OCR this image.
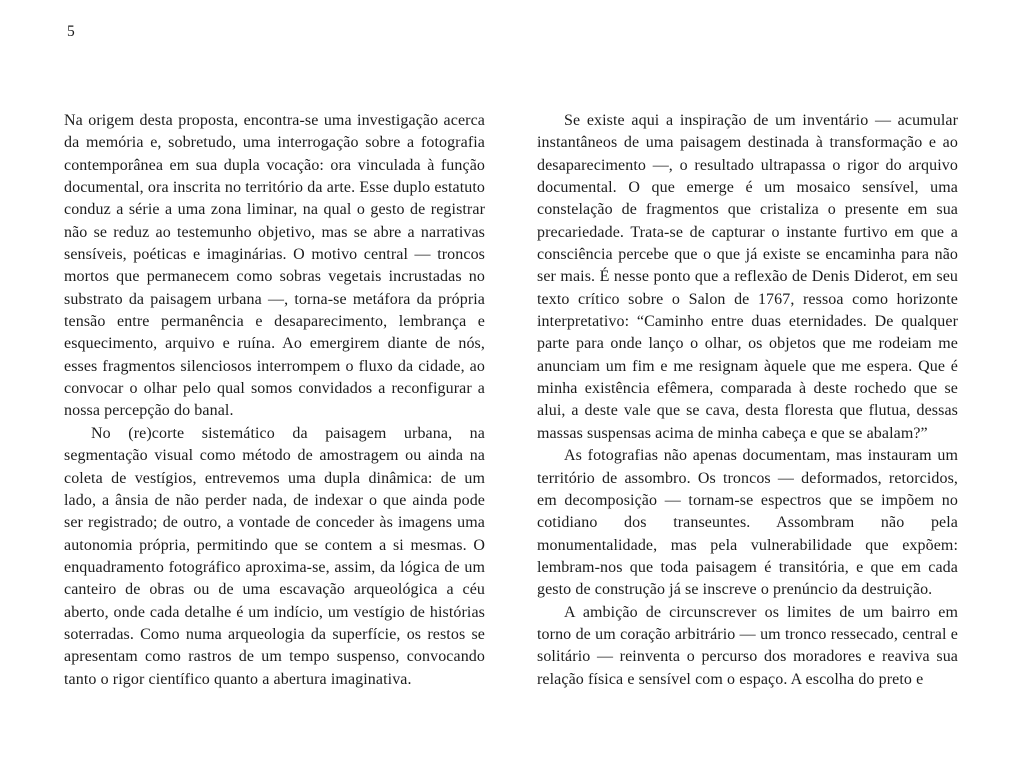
5

Na origem desta proposta, encontra-se uma investigação acerca da memória e, sobretudo, uma interrogação sobre a fotografia contemporânea em sua dupla vocação: ora vinculada à função documental, ora inscrita no território da arte. Esse duplo estatuto conduz a série a uma zona liminar, na qual o gesto de registrar não se reduz ao testemunho objetivo, mas se abre a narrativas sensíveis, poéticas e imaginárias. O motivo central — troncos mortos que permanecem como sobras vegetais incrustadas no substrato da paisagem urbana —, torna-se metáfora da própria tensão entre permanência e desaparecimento, lembrança e esquecimento, arquivo e ruína. Ao emergirem diante de nós, esses fragmentos silenciosos interrompem o fluxo da cidade, ao convocar o olhar pelo qual somos convidados a reconfigurar a nossa percepção do banal.

No (re)corte sistemático da paisagem urbana, na segmentação visual como método de amostragem ou ainda na coleta de vestígios, entrevemos uma dupla dinâmica: de um lado, a ânsia de não perder nada, de indexar o que ainda pode ser registrado; de outro, a vontade de conceder às imagens uma autonomia própria, permitindo que se contem a si mesmas. O enquadramento fotográfico aproxima-se, assim, da lógica de um canteiro de obras ou de uma escavação arqueológica a céu aberto, onde cada detalhe é um indício, um vestígio de histórias soterradas. Como numa arqueologia da superfície, os restos se apresentam como rastros de um tempo suspenso, convocando tanto o rigor científico quanto a abertura imaginativa.

Se existe aqui a inspiração de um inventário — acumular instantâneos de uma paisagem destinada à transformação e ao desaparecimento —, o resultado ultrapassa o rigor do arquivo documental. O que emerge é um mosaico sensível, uma constelação de fragmentos que cristaliza o presente em sua precariedade. Trata-se de capturar o instante furtivo em que a consciência percebe que o que já existe se encaminha para não ser mais. É nesse ponto que a reflexão de Denis Diderot, em seu texto crítico sobre o Salon de 1767, ressoa como horizonte interpretativo: “Caminho entre duas eternidades. De qualquer parte para onde lanço o olhar, os objetos que me rodeiam me anunciam um fim e me resignam àquele que me espera. Que é minha existência efêmera, comparada à deste rochedo que se alui, a deste vale que se cava, desta floresta que flutua, dessas massas suspensas acima de minha cabeça e que se abalam?”

As fotografias não apenas documentam, mas instauram um território de assombro. Os troncos — deformados, retorcidos, em decomposição — tornam-se espectros que se impõem no cotidiano dos transeuntes. Assombram não pela monumentalidade, mas pela vulnerabilidade que expõem: lembram-nos que toda paisagem é transitória, e que em cada gesto de construção já se inscreve o prenúncio da destruição.

A ambição de circunscrever os limites de um bairro em torno de um coração arbitrário — um tronco ressecado, central e solitário — reinventa o percurso dos moradores e reaviva sua relação física e sensível com o espaço. A escolha do preto e
